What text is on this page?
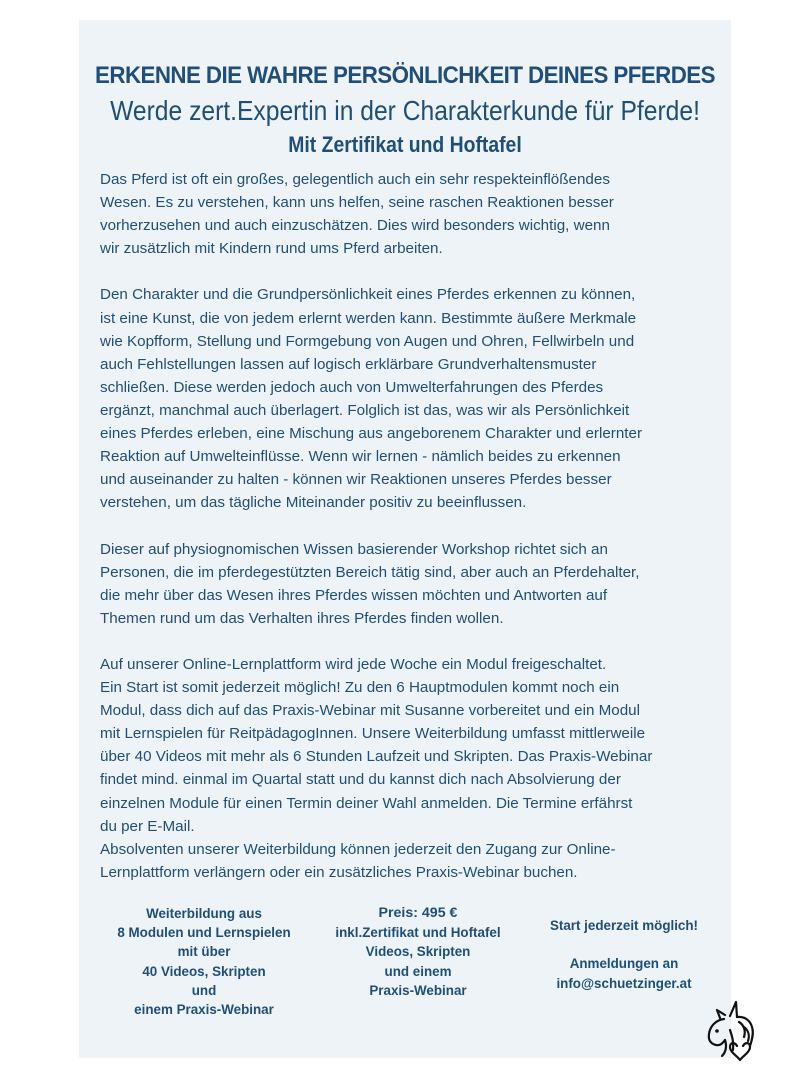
ERKENNE DIE WAHRE PERSÖNLICHKEIT DEINES PFERDES
Werde zert.Expertin in der Charakterkunde für Pferde!
Mit Zertifikat und Hoftafel
Das Pferd ist oft ein großes, gelegentlich auch ein sehr respekteinflößendes
Wesen. Es zu verstehen, kann uns helfen, seine raschen Reaktionen besser
vorherzusehen und auch einzuschätzen. Dies wird besonders wichtig, wenn
wir zusätzlich mit Kindern rund ums Pferd arbeiten.
Den Charakter und die Grundpersönlichkeit eines Pferdes erkennen zu können,
ist eine Kunst, die von jedem erlernt werden kann. Bestimmte äußere Merkmale
wie Kopfform, Stellung und Formgebung von Augen und Ohren, Fellwirbeln und
auch Fehlstellungen lassen auf logisch erklärbare Grundverhaltensmuster
schließen. Diese werden jedoch auch von Umwelterfahrungen des Pferdes
ergänzt, manchmal auch überlagert. Folglich ist das, was wir als Persönlichkeit
eines Pferdes erleben, eine Mischung aus angeborenem Charakter und erlernter
Reaktion auf Umwelteinflüsse. Wenn wir lernen - nämlich beides zu erkennen
und auseinander zu halten - können wir Reaktionen unseres Pferdes besser
verstehen, um das tägliche Miteinander positiv zu beeinflussen.
Dieser auf physiognomischen Wissen basierender Workshop richtet sich an
Personen, die im pferdegestützten Bereich tätig sind, aber auch an Pferdehalter,
die mehr über das Wesen ihres Pferdes wissen möchten und Antworten auf
Themen rund um das Verhalten ihres Pferdes finden wollen.
Auf unserer Online-Lernplattform wird jede Woche ein Modul freigeschaltet.
Ein Start ist somit jederzeit möglich! Zu den 6 Hauptmodulen kommt noch ein
Modul, dass dich auf das Praxis-Webinar mit Susanne vorbereitet und ein Modul
mit Lernspielen für ReitpädagogInnen. Unsere Weiterbildung umfasst mittlerweile
über 40 Videos mit mehr als 6 Stunden Laufzeit und Skripten. Das Praxis-Webinar
findet mind. einmal im Quartal statt und du kannst dich nach Absolvierung der
einzelnen Module für einen Termin deiner Wahl anmelden. Die Termine erfährst
du per E-Mail.
Absolventen unserer Weiterbildung können jederzeit den Zugang zur Online-
Lernplattform verlängern oder ein zusätzliches Praxis-Webinar buchen.
Weiterbildung aus
8 Modulen und Lernspielen
mit über
40 Videos, Skripten
und
einem Praxis-Webinar
Preis: 495 €
inkl.Zertifikat und Hoftafel
Videos, Skripten
und einem
Praxis-Webinar
Start jederzeit möglich!
Anmeldungen an
info@schuetzinger.at
